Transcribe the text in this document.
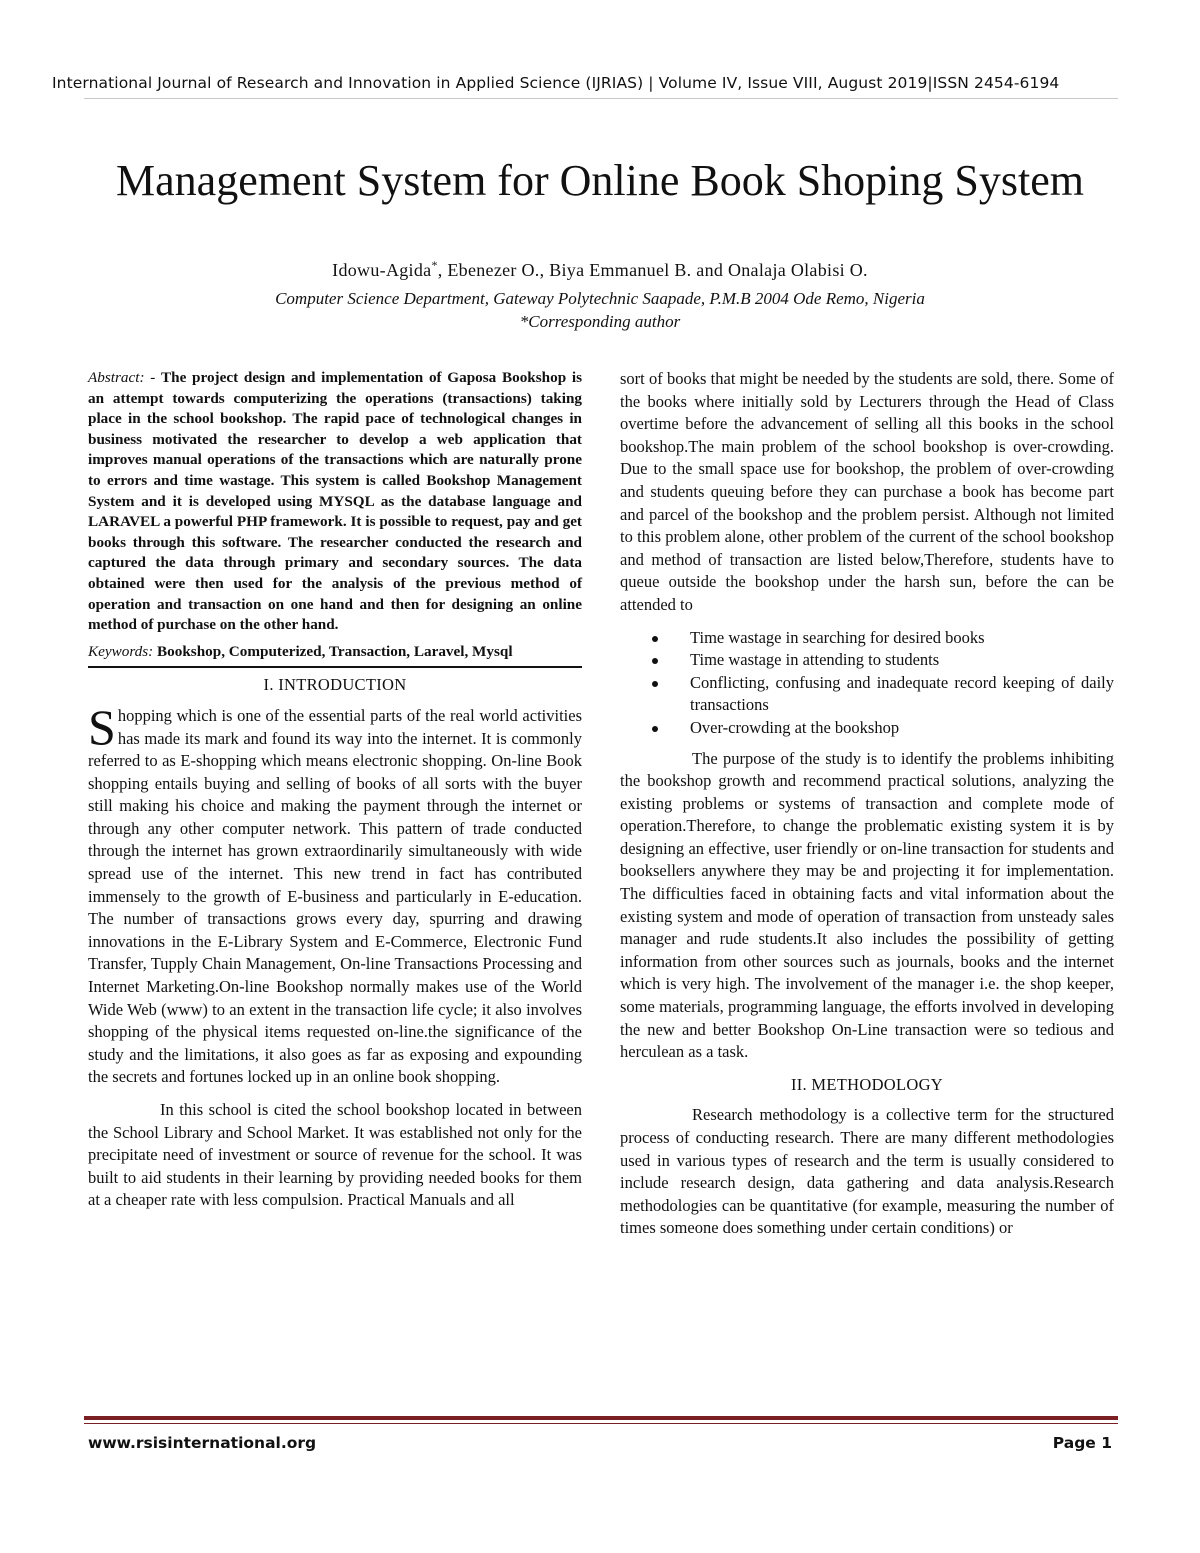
International Journal of Research and Innovation in Applied Science (IJRIAS) | Volume IV, Issue VIII, August 2019|ISSN 2454-6194
Management System for Online Book Shoping System
Idowu-Agida*, Ebenezer O., Biya Emmanuel B. and Onalaja Olabisi O.
Computer Science Department, Gateway Polytechnic Saapade, P.M.B 2004 Ode Remo, Nigeria
*Corresponding author

Abstract: - The project design and implementation of Gaposa Bookshop is an attempt towards computerizing the operations (transactions) taking place in the school bookshop. The rapid pace of technological changes in business motivated the researcher to develop a web application that improves manual operations of the transactions which are naturally prone to errors and time wastage. This system is called Bookshop Management System and it is developed using MYSQL as the database language and LARAVEL a powerful PHP framework. It is possible to request, pay and get books through this software. The researcher conducted the research and captured the data through primary and secondary sources. The data obtained were then used for the analysis of the previous method of operation and transaction on one hand and then for designing an online method of purchase on the other hand.

Keywords: Bookshop, Computerized, Transaction, Laravel, Mysql

I. INTRODUCTION

Shopping which is one of the essential parts of the real world activities has made its mark and found its way into the internet. It is commonly referred to as E-shopping which means electronic shopping. On-line Book shopping entails buying and selling of books of all sorts with the buyer still making his choice and making the payment through the internet or through any other computer network. This pattern of trade conducted through the internet has grown extraordinarily simultaneously with wide spread use of the internet. This new trend in fact has contributed immensely to the growth of E-business and particularly in E-education. The number of transactions grows every day, spurring and drawing innovations in the E-Library System and E-Commerce, Electronic Fund Transfer, Tupply Chain Management, On-line Transactions Processing and Internet Marketing.On-line Bookshop normally makes use of the World Wide Web (www) to an extent in the transaction life cycle; it also involves shopping of the physical items requested on-line.the significance of the study and the limitations, it also goes as far as exposing and expounding the secrets and fortunes locked up in an online book shopping.

In this school is cited the school bookshop located in between the School Library and School Market. It was established not only for the precipitate need of investment or source of revenue for the school. It was built to aid students in their learning by providing needed books for them at a cheaper rate with less compulsion. Practical Manuals and all

sort of books that might be needed by the students are sold, there. Some of the books where initially sold by Lecturers through the Head of Class overtime before the advancement of selling all this books in the school bookshop.The main problem of the school bookshop is over-crowding. Due to the small space use for bookshop, the problem of over-crowding and students queuing before they can purchase a book has become part and parcel of the bookshop and the problem persist. Although not limited to this problem alone, other problem of the current of the school bookshop and method of transaction are listed below,Therefore, students have to queue outside the bookshop under the harsh sun, before the can be attended to

Time wastage in searching for desired books
Time wastage in attending to students
Conflicting, confusing and inadequate record keeping of daily transactions
Over-crowding at the bookshop

The purpose of the study is to identify the problems inhibiting the bookshop growth and recommend practical solutions, analyzing the existing problems or systems of transaction and complete mode of operation.Therefore, to change the problematic existing system it is by designing an effective, user friendly or on-line transaction for students and booksellers anywhere they may be and projecting it for implementation. The difficulties faced in obtaining facts and vital information about the existing system and mode of operation of transaction from unsteady sales manager and rude students.It also includes the possibility of getting information from other sources such as journals, books and the internet which is very high. The involvement of the manager i.e. the shop keeper, some materials, programming language, the efforts involved in developing the new and better Bookshop On-Line transaction were so tedious and herculean as a task.

II. METHODOLOGY

Research methodology is a collective term for the structured process of conducting research. There are many different methodologies used in various types of research and the term is usually considered to include research design, data gathering and data analysis.Research methodologies can be quantitative (for example, measuring the number of times someone does something under certain conditions) or

www.rsisinternational.org	Page 1
